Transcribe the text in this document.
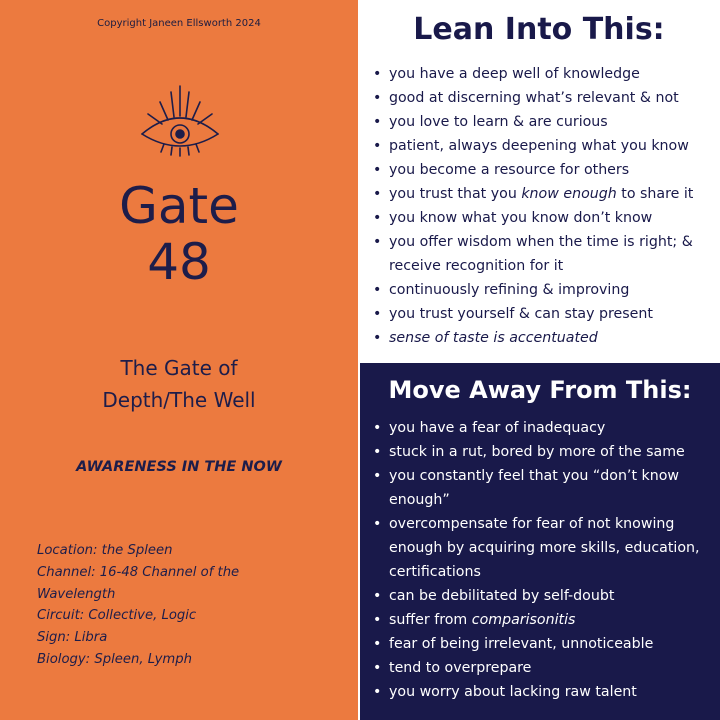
Copyright Janeen Ellsworth 2024
Gate
48
The Gate of
Depth/The Well
AWARENESS IN THE NOW
Location: the Spleen
Channel: 16-48 Channel of the
Wavelength
Circuit: Collective, Logic
Sign: Libra
Biology: Spleen, Lymph
Lean Into This:
• you have a deep well of knowledge
• good at discerning what’s relevant & not
• you love to learn & are curious
• patient, always deepening what you know
• you become a resource for others
• you trust that you know enough to share it
• you know what you know don’t know
• you offer wisdom when the time is right; & receive recognition for it
• continuously refining & improving
• you trust yourself & can stay present
• sense of taste is accentuated
Move Away From This:
• you have a fear of inadequacy
• stuck in a rut, bored by more of the same
• you constantly feel that you “don’t know enough”
• overcompensate for fear of not knowing enough by acquiring more skills, education, certifications
• can be debilitated by self-doubt
• suffer from comparisonitis
• fear of being irrelevant, unnoticeable
• tend to overprepare
• you worry about lacking raw talent
